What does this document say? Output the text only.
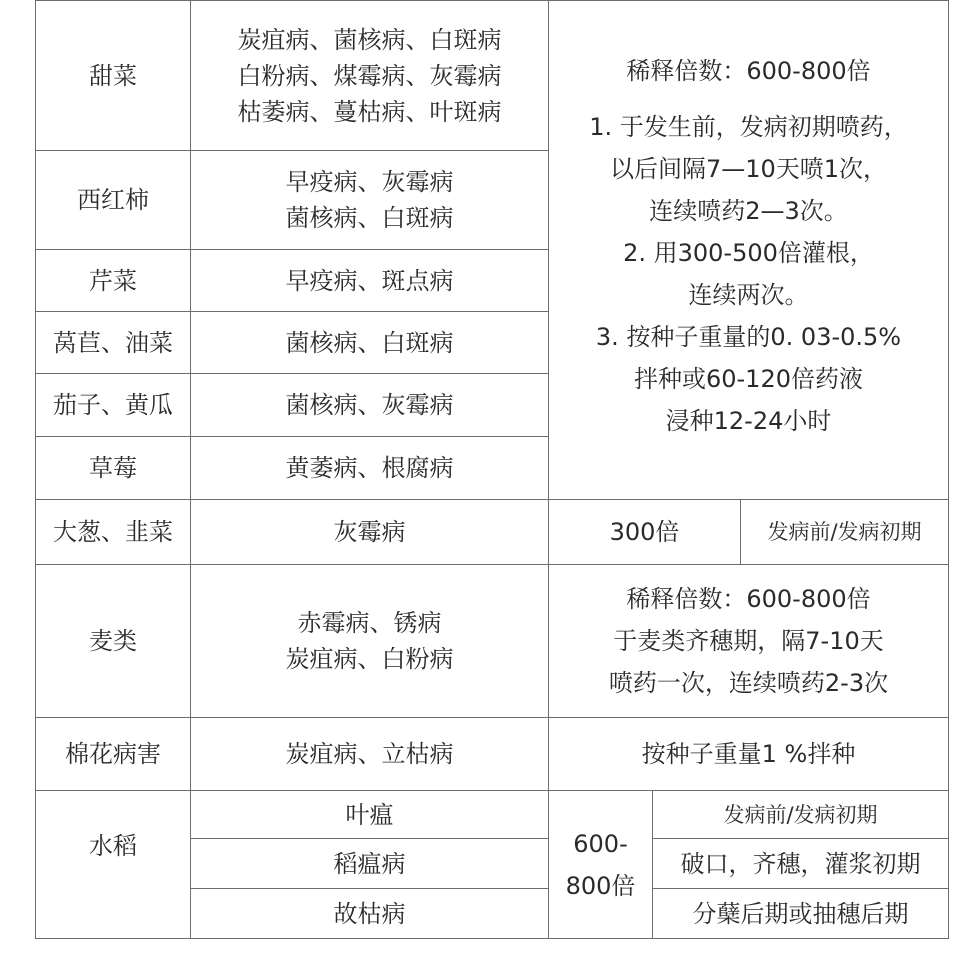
甜菜
西红柿
芹菜
莴苣、油菜
茄子、黄瓜
草莓
大葱、韭菜
麦类
棉花病害
水稻
炭疽病、菌核病、白斑病
白粉病、煤霉病、灰霉病
枯萎病、蔓枯病、叶斑病
早疫病、灰霉病
菌核病、白斑病
早疫病、斑点病
菌核病、白斑病
菌核病、灰霉病
黄萎病、根腐病
灰霉病
赤霉病、锈病
炭疽病、白粉病
炭疽病、立枯病
叶瘟
稻瘟病
故枯病
稀释倍数：600-800倍
1. 于发生前，发病初期喷药，
以后间隔7—10天喷1次，
连续喷药2—3次。
2. 用300-500倍灌根，
连续两次。
3. 按种子重量的0. 03-0.5%
拌种或60-120倍药液
浸种12-24小时
300倍	发病前/发病初期
稀释倍数：600-800倍
于麦类齐穗期，隔7-10天
喷药一次，连续喷药2-3次
按种子重量1 %拌种
600-
800倍
发病前/发病初期
破口，齐穗，灌浆初期
分蘖后期或抽穗后期
